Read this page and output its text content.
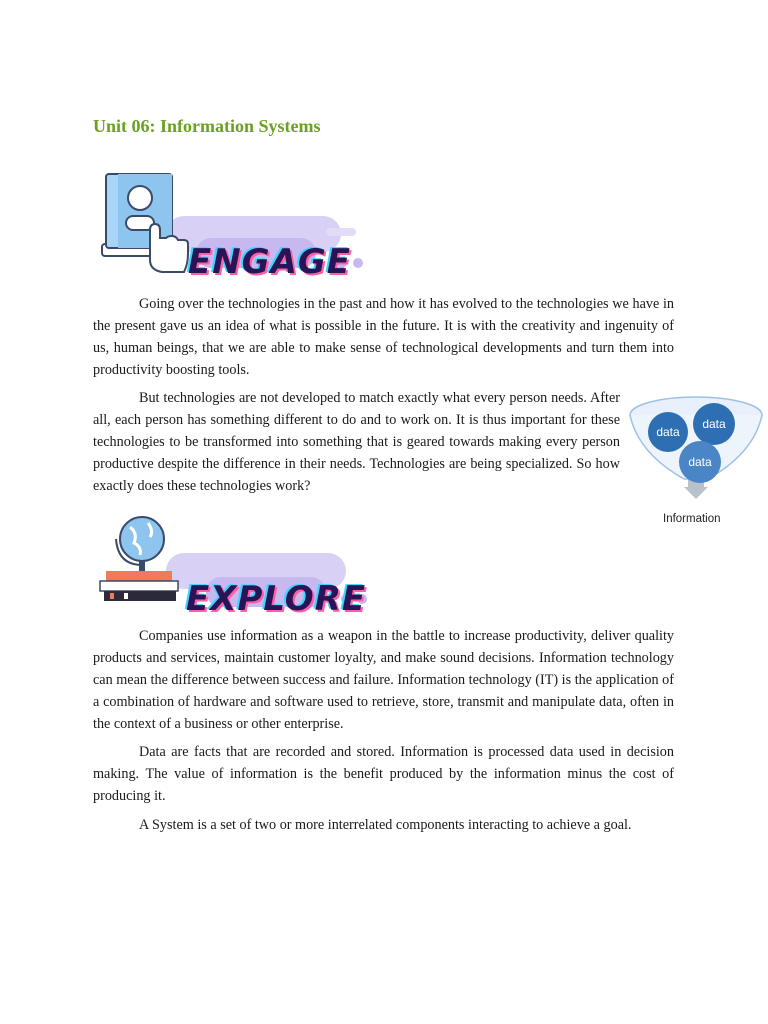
Unit 06: Information Systems
ENGAGE

Going over the technologies in the past and how it has evolved to the technologies we have in the present gave us an idea of what is possible in the future. It is with the creativity and ingenuity of us, human beings, that we are able to make sense of technological developments and turn them into productivity boosting tools.

But technologies are not developed to match exactly what every person needs. After all, each person has something different to do and to work on. It is thus important for these technologies to be transformed into something that is geared towards making every person productive despite the difference in their needs. Technologies are being specialized. So how exactly does these technologies work?

data
data
data
Information
EXPLORE

Companies use information as a weapon in the battle to increase productivity, deliver quality products and services, maintain customer loyalty, and make sound decisions. Information technology can mean the difference between success and failure. Information technology (IT) is the application of a combination of hardware and software used to retrieve, store, transmit and manipulate data, often in the context of a business or other enterprise.

Data are facts that are recorded and stored. Information is processed data used in decision making. The value of information is the benefit produced by the information minus the cost of producing it.

A System is a set of two or more interrelated components interacting to achieve a goal.
